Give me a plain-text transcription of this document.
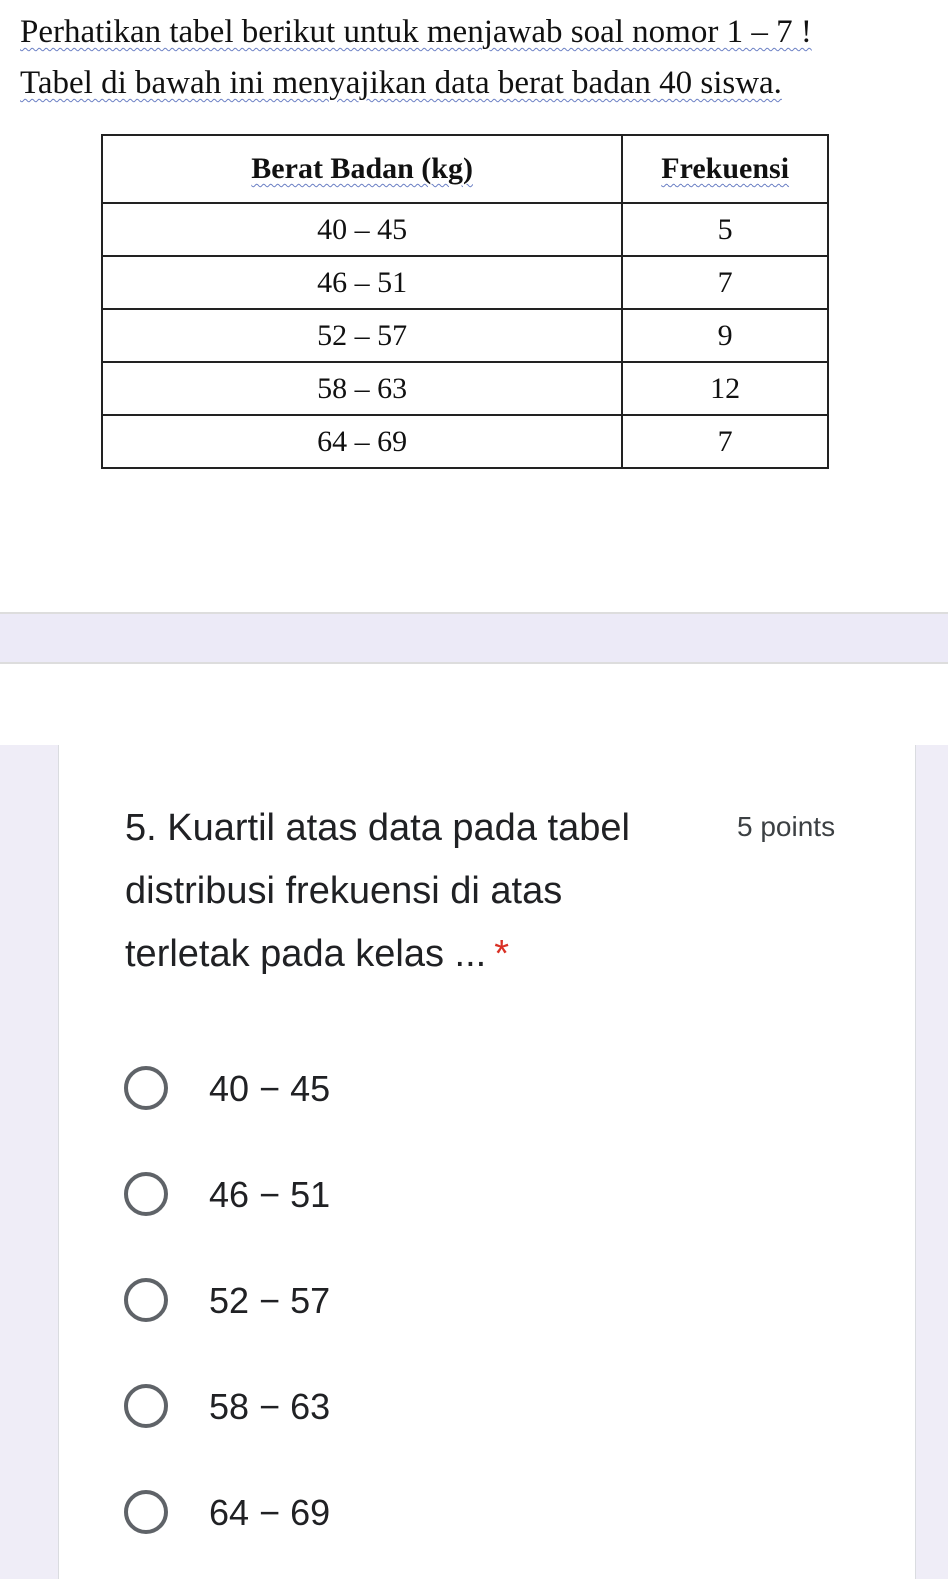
Perhatikan tabel berikut untuk menjawab soal nomor 1 – 7 !
Tabel di bawah ini menyajikan data berat badan 40 siswa.
Berat Badan (kg)	Frekuensi
40 – 45	5
46 – 51	7
52 – 57	9
58 – 63	12
64 – 69	7
5. Kuartil atas data pada tabel distribusi frekuensi di atas terletak pada kelas ... *
5 points
40 − 45
46 − 51
52 − 57
58 − 63
64 − 69
